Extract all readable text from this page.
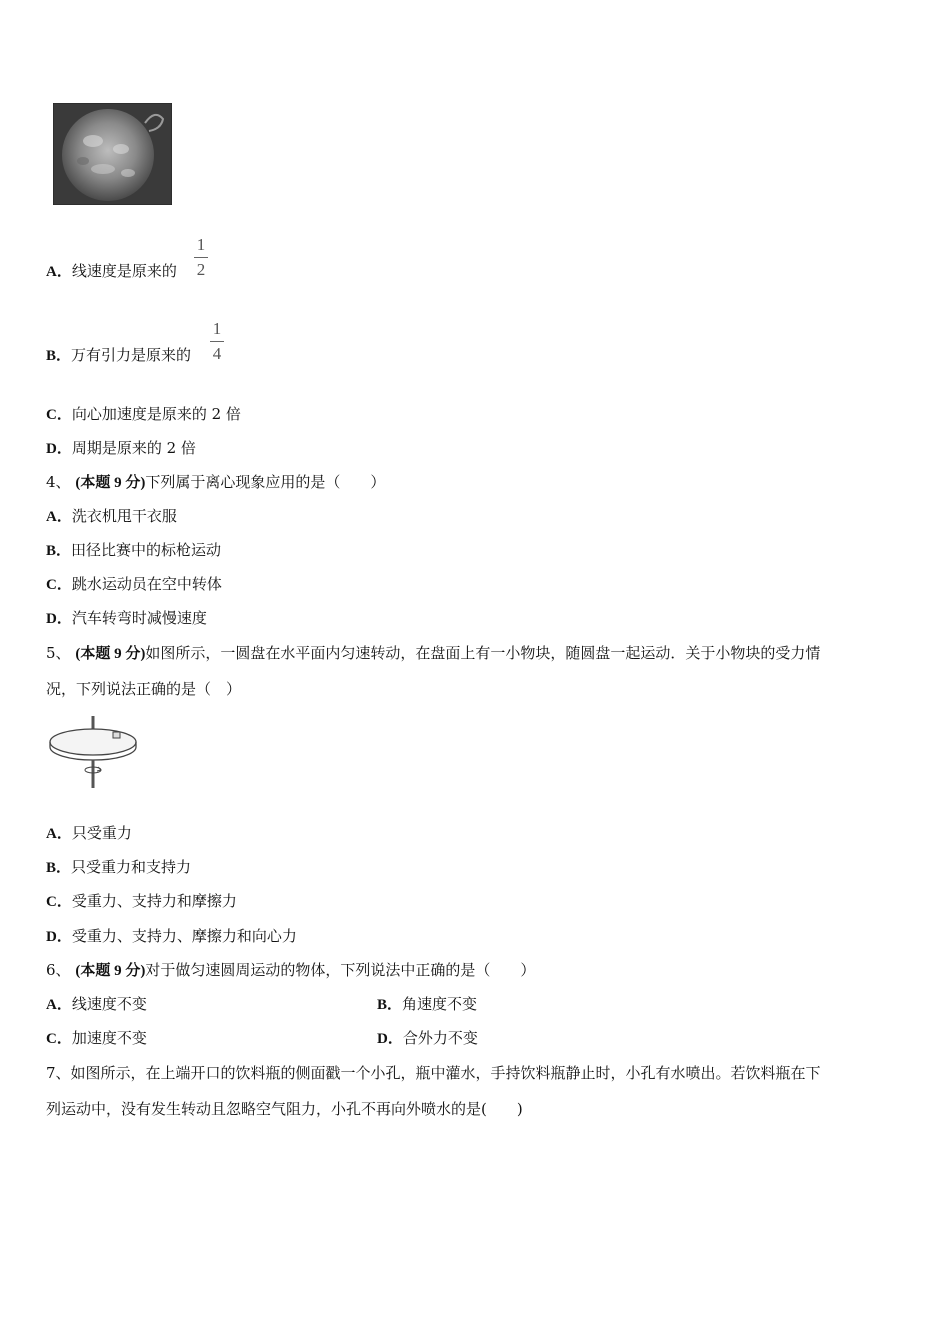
A．线速度是原来的
1
2
B．万有引力是原来的
1
4
C．向心加速度是原来的 2 倍
D．周期是原来的 2 倍
4、 (本题 9 分)下列属于离心现象应用的是（　　）
A．洗衣机甩干衣服
B．田径比赛中的标枪运动
C．跳水运动员在空中转体
D．汽车转弯时减慢速度
5、 (本题 9 分)如图所示，一圆盘在水平面内匀速转动，在盘面上有一小物块，随圆盘一起运动．关于小物块的受力情
况，下列说法正确的是（　）
A．只受重力
B．只受重力和支持力
C．受重力、支持力和摩擦力
D．受重力、支持力、摩擦力和向心力
6、 (本题 9 分)对于做匀速圆周运动的物体，下列说法中正确的是（　　）
A．线速度不变	B．角速度不变
C．加速度不变	D．合外力不变
7、如图所示，在上端开口的饮料瓶的侧面戳一个小孔，瓶中灌水，手持饮料瓶静止时，小孔有水喷出。若饮料瓶在下
列运动中，没有发生转动且忽略空气阻力，小孔不再向外喷水的是(　　)
